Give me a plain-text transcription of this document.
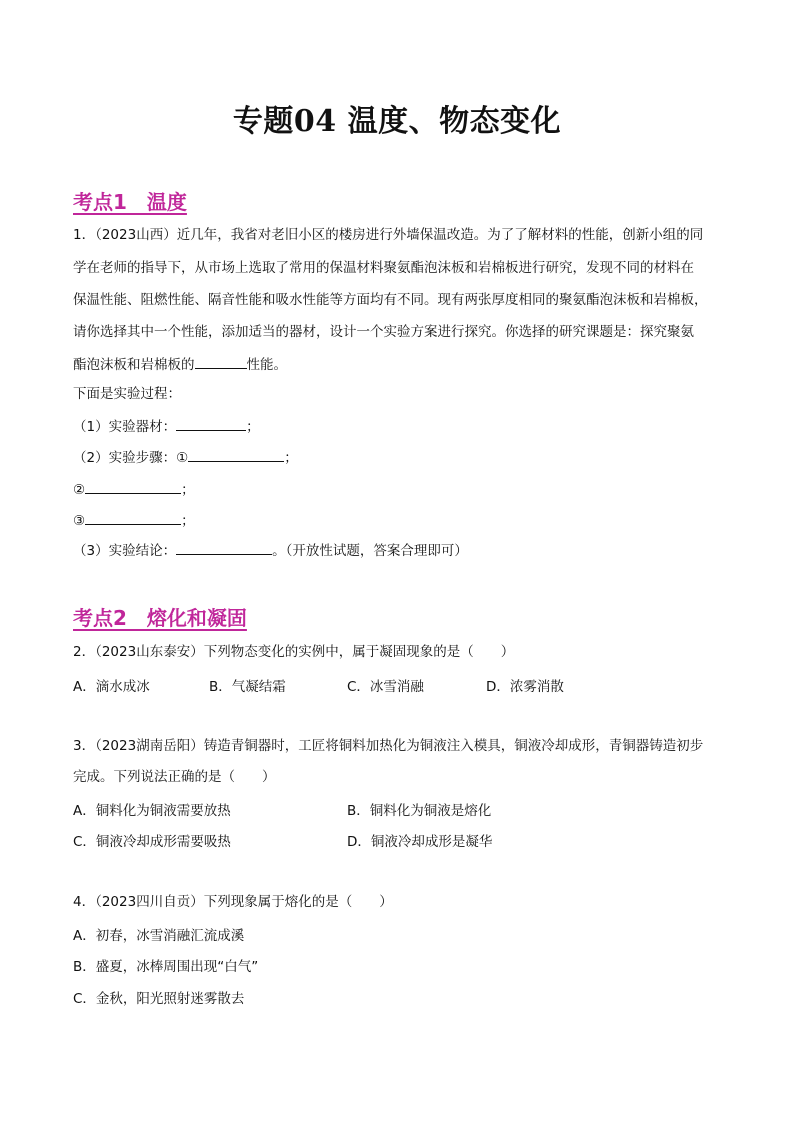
专题04 温度、物态变化
考点1　温度
1．（2023山西）近几年，我省对老旧小区的楼房进行外墙保温改造。为了了解材料的性能，创新小组的同
学在老师的指导下，从市场上选取了常用的保温材料聚氨酯泡沫板和岩棉板进行研究，发现不同的材料在
保温性能、阻燃性能、隔音性能和吸水性能等方面均有不同。现有两张厚度相同的聚氨酯泡沫板和岩棉板，
请你选择其中一个性能，添加适当的器材，设计一个实验方案进行探究。你选择的研究课题是：探究聚氨
酯泡沫板和岩棉板的	性能。
下面是实验过程：
（1）实验器材：	；
（2）实验步骤：①	；
②	；
③	；
（3）实验结论：	。（开放性试题，答案合理即可）
考点2　熔化和凝固
2．（2023山东泰安）下列物态变化的实例中，属于凝固现象的是（　　）
A．滴水成冰	B．气凝结霜	C．冰雪消融	D．浓雾消散
3．（2023湖南岳阳）铸造青铜器时，工匠将铜料加热化为铜液注入模具，铜液冷却成形，青铜器铸造初步
完成。下列说法正确的是（　　）
A．铜料化为铜液需要放热	B．铜料化为铜液是熔化
C．铜液冷却成形需要吸热	D．铜液冷却成形是凝华
4．（2023四川自贡）下列现象属于熔化的是（　　）
A．初春，冰雪消融汇流成溪
B．盛夏，冰棒周围出现“白气”
C．金秋，阳光照射迷雾散去
